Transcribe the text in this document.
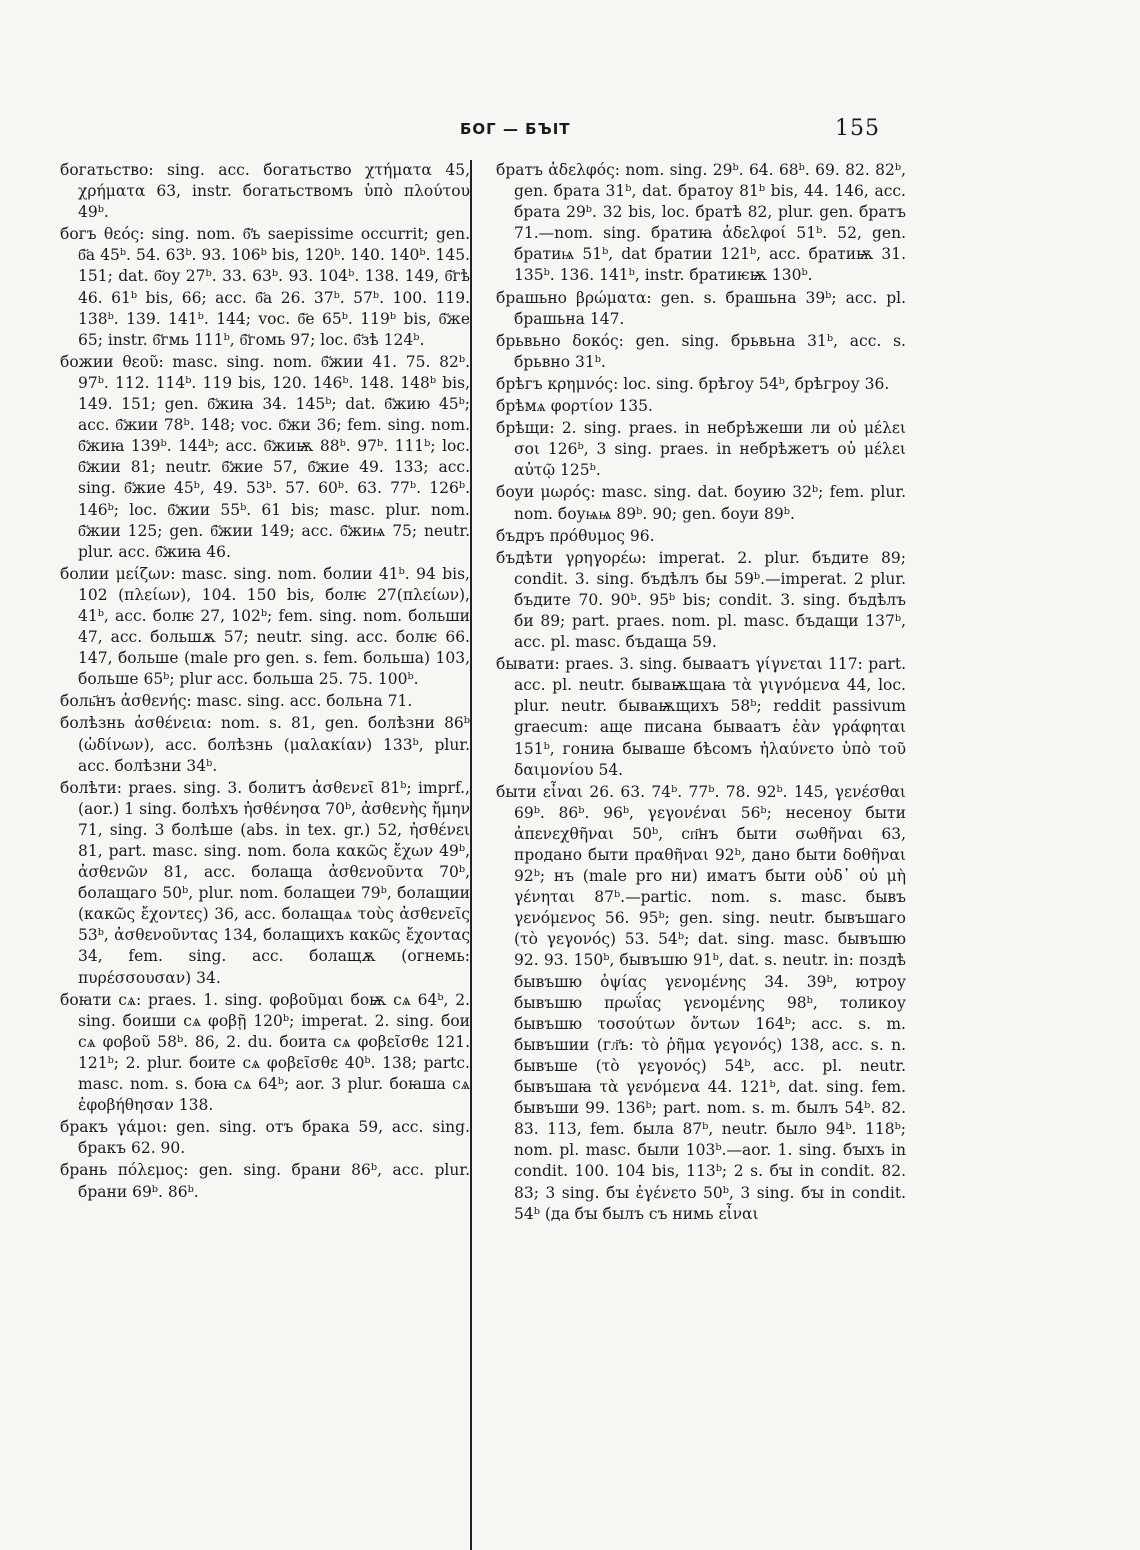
БОГ — БЪІТ	155

богатьство: sing. acc. богатьство χτήματα 45, χρήματα 63, instr. богатьствомъ ὑπὸ πλούτου 49ᵇ.

богъ θεός: sing. nom. б҃ъ saepissime occurrit; gen. б҃а 45ᵇ. 54. 63ᵇ. 93. 106ᵇ bis, 120ᵇ. 140. 140ᵇ. 145. 151; dat. б҃оу 27ᵇ. 33. 63ᵇ. 93. 104ᵇ. 138. 149, б҃гѣ 46. 61ᵇ bis, 66; acc. б҃а 26. 37ᵇ. 57ᵇ. 100. 119. 138ᵇ. 139. 141ᵇ. 144; voc. б҃е 65ᵇ. 119ᵇ bis, б҃же 65; instr. б҃гмь 111ᵇ, б҃гомь 97; loc. б҃зѣ 124ᵇ.

божии θεοῦ: masc. sing. nom. б҃жии 41. 75. 82ᵇ. 97ᵇ. 112. 114ᵇ. 119 bis, 120. 146ᵇ. 148. 148ᵇ bis, 149. 151; gen. б҃жиꙗ 34. 145ᵇ; dat. б҃жию 45ᵇ; acc. б҃жии 78ᵇ. 148; voc. б҃жи 36; fem. sing. nom. б҃жиꙗ 139ᵇ. 144ᵇ; acc. б҃жиѭ 88ᵇ. 97ᵇ. 111ᵇ; loc. б҃жии 81; neutr. б҃жие 57, б҃жие 49. 133; acc. sing. б҃жие 45ᵇ, 49. 53ᵇ. 57. 60ᵇ. 63. 77ᵇ. 126ᵇ. 146ᵇ; loc. б҃жии 55ᵇ. 61 bis; masc. plur. nom. б҃жии 125; gen. б҃жии 149; acc. б҃жиѩ 75; neutr. plur. acc. б҃жиꙗ 46.

болии μείζων: masc. sing. nom. болии 41ᵇ. 94 bis, 102 (πλείων), 104. 150 bis, болѥ 27(πλείων), 41ᵇ, acc. болѥ 27, 102ᵇ; fem. sing. nom. больши 47, acc. большѫ 57; neutr. sing. acc. болѥ 66. 147, больше (male pro gen. s. fem. больша) 103, больше 65ᵇ; plur acc. больша 25. 75. 100ᵇ.

боль҃нъ ἀσθενής: masc. sing. acc. больна 71.

болѣзнь ἀσθένεια: nom. s. 81, gen. болѣзни 86ᵇ (ὠδίνων), acc. болѣзнь (μαλακίαν) 133ᵇ, plur. acc. болѣзни 34ᵇ.

болѣти: praes. sing. 3. болитъ ἀσθενεῖ 81ᵇ; imprf., (aor.) 1 sing. болѣхъ ἠσθένησα 70ᵇ, ἀσθενὴς ἤμην 71, sing. 3 болѣше (abs. in tex. gr.) 52, ἠσθένει 81, part. masc. sing. nom. бола κακῶς ἔχων 49ᵇ, ἀσθενῶν 81, acc. болаща ἀσθενοῦντα 70ᵇ, болащаго 50ᵇ, plur. nom. болащеи 79ᵇ, болащии (κακῶς ἔχοντες) 36, acc. болащаѧ τοὺς ἀσθενεῖς 53ᵇ, ἀσθενοῦντας 134, болащихъ κακῶς ἔχοντας 34, fem. sing. acc. болащѫ (огнемь: πυρέσσουσαν) 34.

боꙗти сѧ: praes. 1. sing. φοβοῦμαι бoѭ сѧ 64ᵇ, 2. sing. боиши сѧ φοβῇ 120ᵇ; imperat. 2. sing. бои сѧ φοβοῦ 58ᵇ. 86, 2. du. боита сѧ φοβεῖσθε 121. 121ᵇ; 2. plur. боите сѧ φοβεῖσθε 40ᵇ. 138; partc. masc. nom. s. боꙗ сѧ 64ᵇ; aor. 3 plur. боꙗша сѧ ἐφοβήθησαν 138.

бракъ γάμοι: gen. sing. отъ брака 59, acc. sing. бракъ 62. 90.

брань πόλεμος: gen. sing. брани 86ᵇ, acc. plur. брани 69ᵇ. 86ᵇ.

братъ ἀδελφός: nom. sing. 29ᵇ. 64. 68ᵇ. 69. 82. 82ᵇ, gen. брата 31ᵇ, dat. братоу 81ᵇ bis, 44. 146, acc. брата 29ᵇ. 32 bis, loc. братѣ 82, plur. gen. братъ 71.—nom. sing. братиꙗ ἀδελφοί 51ᵇ. 52, gen. братиѩ 51ᵇ, dat братии 121ᵇ, acc. братиѭ 31. 135ᵇ. 136. 141ᵇ, instr. братиѥѭ 130ᵇ.

брашьно βρώματα: gen. s. брашьна 39ᵇ; acc. pl. брашьна 147.

брьвьно δοκός: gen. sing. брьвьна 31ᵇ, acc. s. брьвно 31ᵇ.

брѣгъ κρημνός: loc. sing. брѣгоу 54ᵇ, брѣгроу 36.

брѣмѧ φορτίον 135.

брѣщи: 2. sing. praes. in небрѣжеши ли οὐ μέλει σοι 126ᵇ, 3 sing. praes. in небрѣжетъ οὐ μέλει αὐτῷ 125ᵇ.

боуи μωρός: masc. sing. dat. боуию 32ᵇ; fem. plur. nom. боуѩѩ 89ᵇ. 90; gen. боуи 89ᵇ.

бъдръ πρόθυμος 96.

бъдѣти γρηγορέω: imperat. 2. plur. бъдите 89; condit. 3. sing. бъдѣлъ бы 59ᵇ.—imperat. 2 plur. бъдите 70. 90ᵇ. 95ᵇ bis; condit. 3. sing. бъдѣлъ би 89; part. praes. nom. pl. masc. бъдащи 137ᵇ, acc. pl. masc. бъдаща 59.

бывати: praes. 3. sing. бываатъ γίγνεται 117: part. acc. pl. neutr. бываѭщаꙗ τὰ γιγνόμενα 44, loc. plur. neutr. бываѭщихъ 58ᵇ; reddit passivum graecum: аще писана бываатъ ἐὰν γράφηται 151ᵇ, гониꙗ бываше бѣсомъ ἠλαύνετο ὑπὸ τοῦ δαιμονίου 54.

быти εἶναι 26. 63. 74ᵇ. 77ᵇ. 78. 92ᵇ. 145, γενέσθαι 69ᵇ. 86ᵇ. 96ᵇ, γεγονέναι 56ᵇ; несенoу быти ἀπενεχθῆναι 50ᵇ, сп҃нъ быти σωθῆναι 63, продано быти πραθῆναι 92ᵇ, дано быти δοθῆναι 92ᵇ; нъ (male pro ни) иматъ быти οὐδ᾽ οὐ μὴ γένηται 87ᵇ.—partic. nom. s. masc. бывъ γενόμενος 56. 95ᵇ; gen. sing. neutr. бывъшаго (τὸ γεγονός) 53. 54ᵇ; dat. sing. masc. бывъшю 92. 93. 150ᵇ, бывъшю 91ᵇ, dat. s. neutr. in: поздѣ бывъшю ὀψίας γενομένης 34. 39ᵇ, ютроу бывъшю πρωΐας γενομένης 98ᵇ, толикоу бывъшю τοσούτων ὄντων 164ᵇ; acc. s. m. бывъшии (гл҃ъ: τὸ ῥῆμα γεγονός) 138, acc. s. n. бывъше (τὸ γεγονός) 54ᵇ, acc. pl. neutr. бывъшаꙗ τὰ γενόμενα 44. 121ᵇ, dat. sing. fem. бывъши 99. 136ᵇ; part. nom. s. m. былъ 54ᵇ. 82. 83. 113, fem. была 87ᵇ, neutr. было 94ᵇ. 118ᵇ; nom. pl. masc. были 103ᵇ.—aor. 1. sing. бꙑхъ in condit. 100. 104 bis, 113ᵇ; 2 s. бꙑ in condit. 82. 83; 3 sing. бꙑ ἐγένετο 50ᵇ, 3 sing. бꙑ in condit. 54ᵇ (да бꙑ былъ съ нимь εἶναι
